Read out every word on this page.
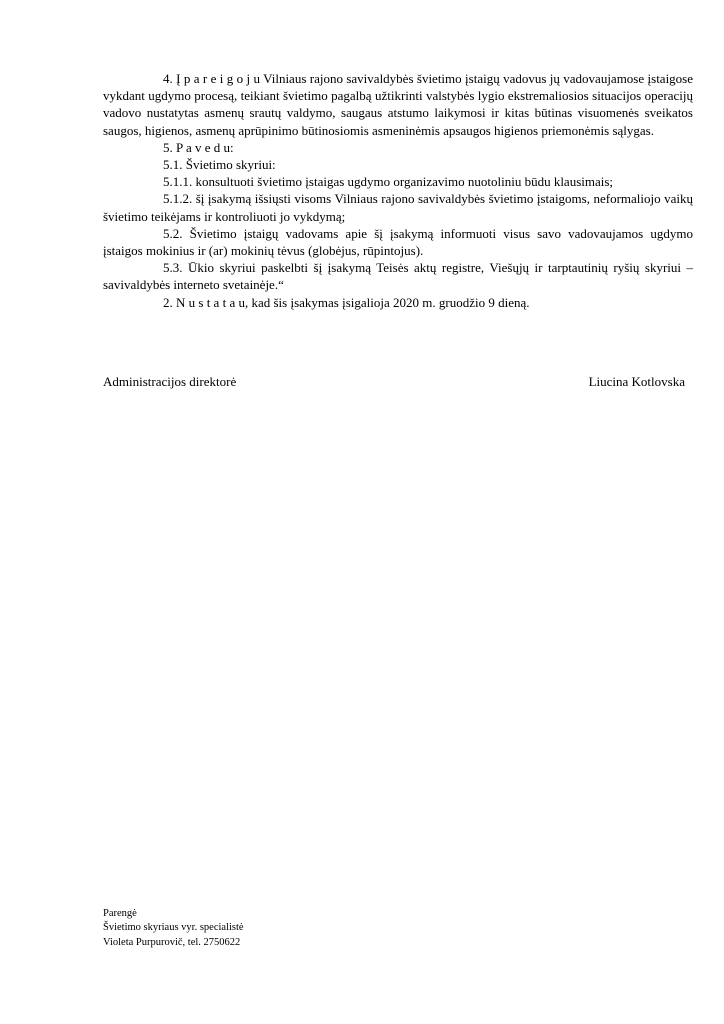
4. Į p a r e i g o j u Vilniaus rajono savivaldybės švietimo įstaigų vadovus jų vadovaujamose įstaigose vykdant ugdymo procesą, teikiant švietimo pagalbą užtikrinti valstybės lygio ekstremaliosios situacijos operacijų vadovo nustatytas asmenų srautų valdymo, saugaus atstumo laikymosi ir kitas būtinas visuomenės sveikatos saugos, higienos, asmenų aprūpinimo būtinosiomis asmeninėmis apsaugos higienos priemonėmis sąlygas.

5. P a v e d u:

5.1. Švietimo skyriui:

5.1.1. konsultuoti švietimo įstaigas ugdymo organizavimo nuotoliniu būdu klausimais;

5.1.2. šį įsakymą išsiųsti visoms Vilniaus rajono savivaldybės švietimo įstaigoms, neformaliojo vaikų švietimo teikėjams ir kontroliuoti jo vykdymą;

5.2. Švietimo įstaigų vadovams apie šį įsakymą informuoti visus savo vadovaujamos ugdymo įstaigos mokinius ir (ar) mokinių tėvus (globėjus, rūpintojus).

5.3. Ūkio skyriui paskelbti šį įsakymą Teisės aktų registre, Viešųjų ir tarptautinių ryšių skyriui – savivaldybės interneto svetainėje.“

2. N u s t a t a u, kad šis įsakymas įsigalioja 2020 m. gruodžio 9 dieną.

Administracijos direktorė	Liucina Kotlovska
Parengė
Švietimo skyriaus vyr. specialistė
Violeta Purpurovič, tel. 2750622
